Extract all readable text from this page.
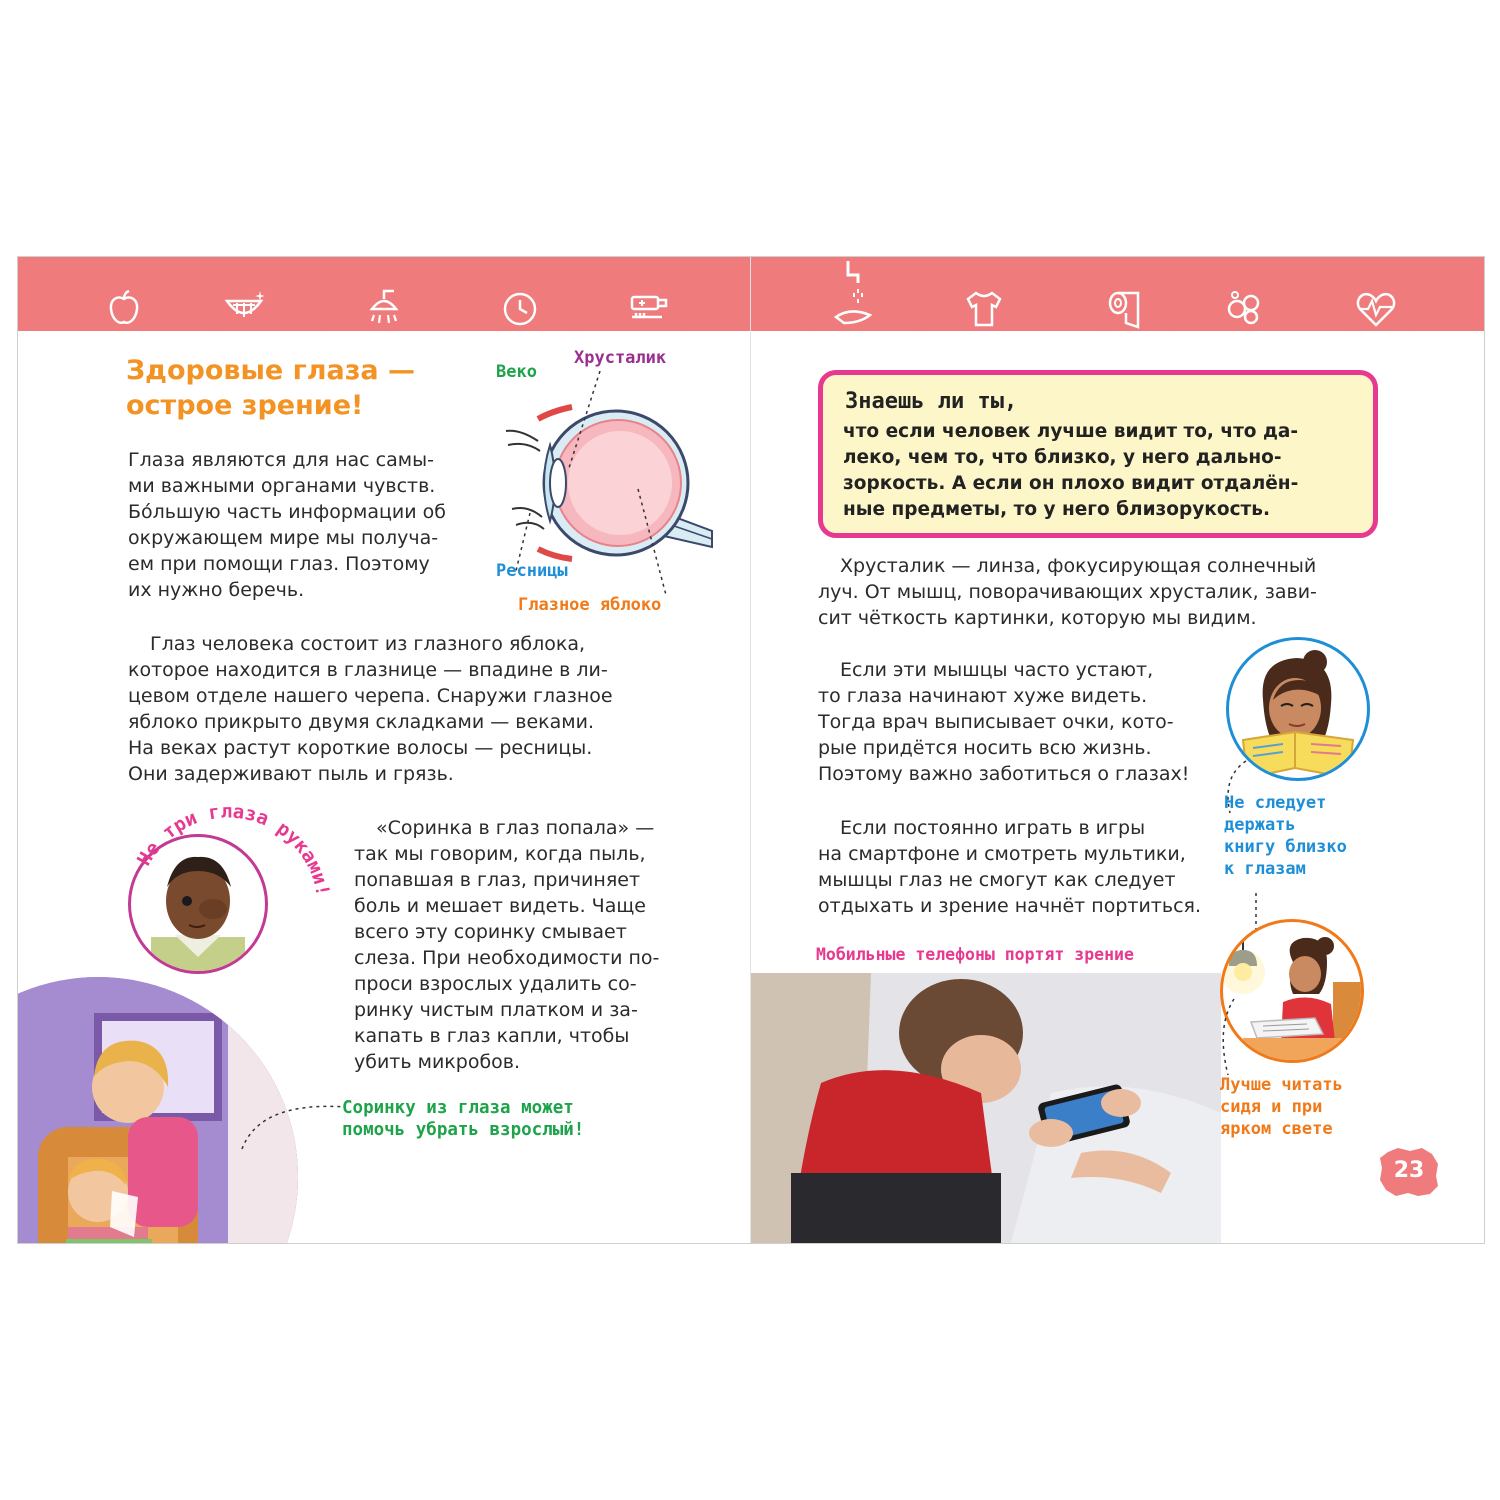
Здоровые глаза —
острое зрение!
Глаза являются для нас самы-
ми важными органами чувств.
Бо́льшую часть информации об
окружающем мире мы получа-
ем при помощи глаз. Поэтому
их нужно беречь.
Веко
Хрусталик
Ресницы
Глазное яблоко
Глаз человека состоит из глазного яблока,
которое находится в глазнице — впадине в ли-
цевом отделе нашего черепа. Снаружи глазное
яблоко прикрыто двумя складками — веками.
На веках растут короткие волосы — ресницы.
Они задерживают пыль и грязь.
Не три глаза руками!
«Соринка в глаз попала» —
так мы говорим, когда пыль,
попавшая в глаз, причиняет
боль и мешает видеть. Чаще
всего эту соринку смывает
слеза. При необходимости по-
проси взрослых удалить со-
ринку чистым платком и за-
капать в глаз капли, чтобы
убить микробов.
Соринку из глаза может
помочь убрать взрослый!
Знаешь ли ты,
что если человек лучше видит то, что да-
леко, чем то, что близко, у него дально-
зоркость. А если он плохо видит отдалён-
ные предметы, то у него близорукость.
Хрусталик — линза, фокусирующая солнечный
луч. От мышц, поворачивающих хрусталик, зави-
сит чёткость картинки, которую мы видим.
Если эти мышцы часто устают,
то глаза начинают хуже видеть.
Тогда врач выписывает очки, кото-
рые придётся носить всю жизнь.
Поэтому важно заботиться о глазах!
Не следует
держать
книгу близко
к глазам
Если постоянно играть в игры
на смартфоне и смотреть мультики,
мышцы глаз не смогут как следует
отдыхать и зрение начнёт портиться.
Мобильные телефоны портят зрение
Лучше читать
сидя и при
ярком свете
23
